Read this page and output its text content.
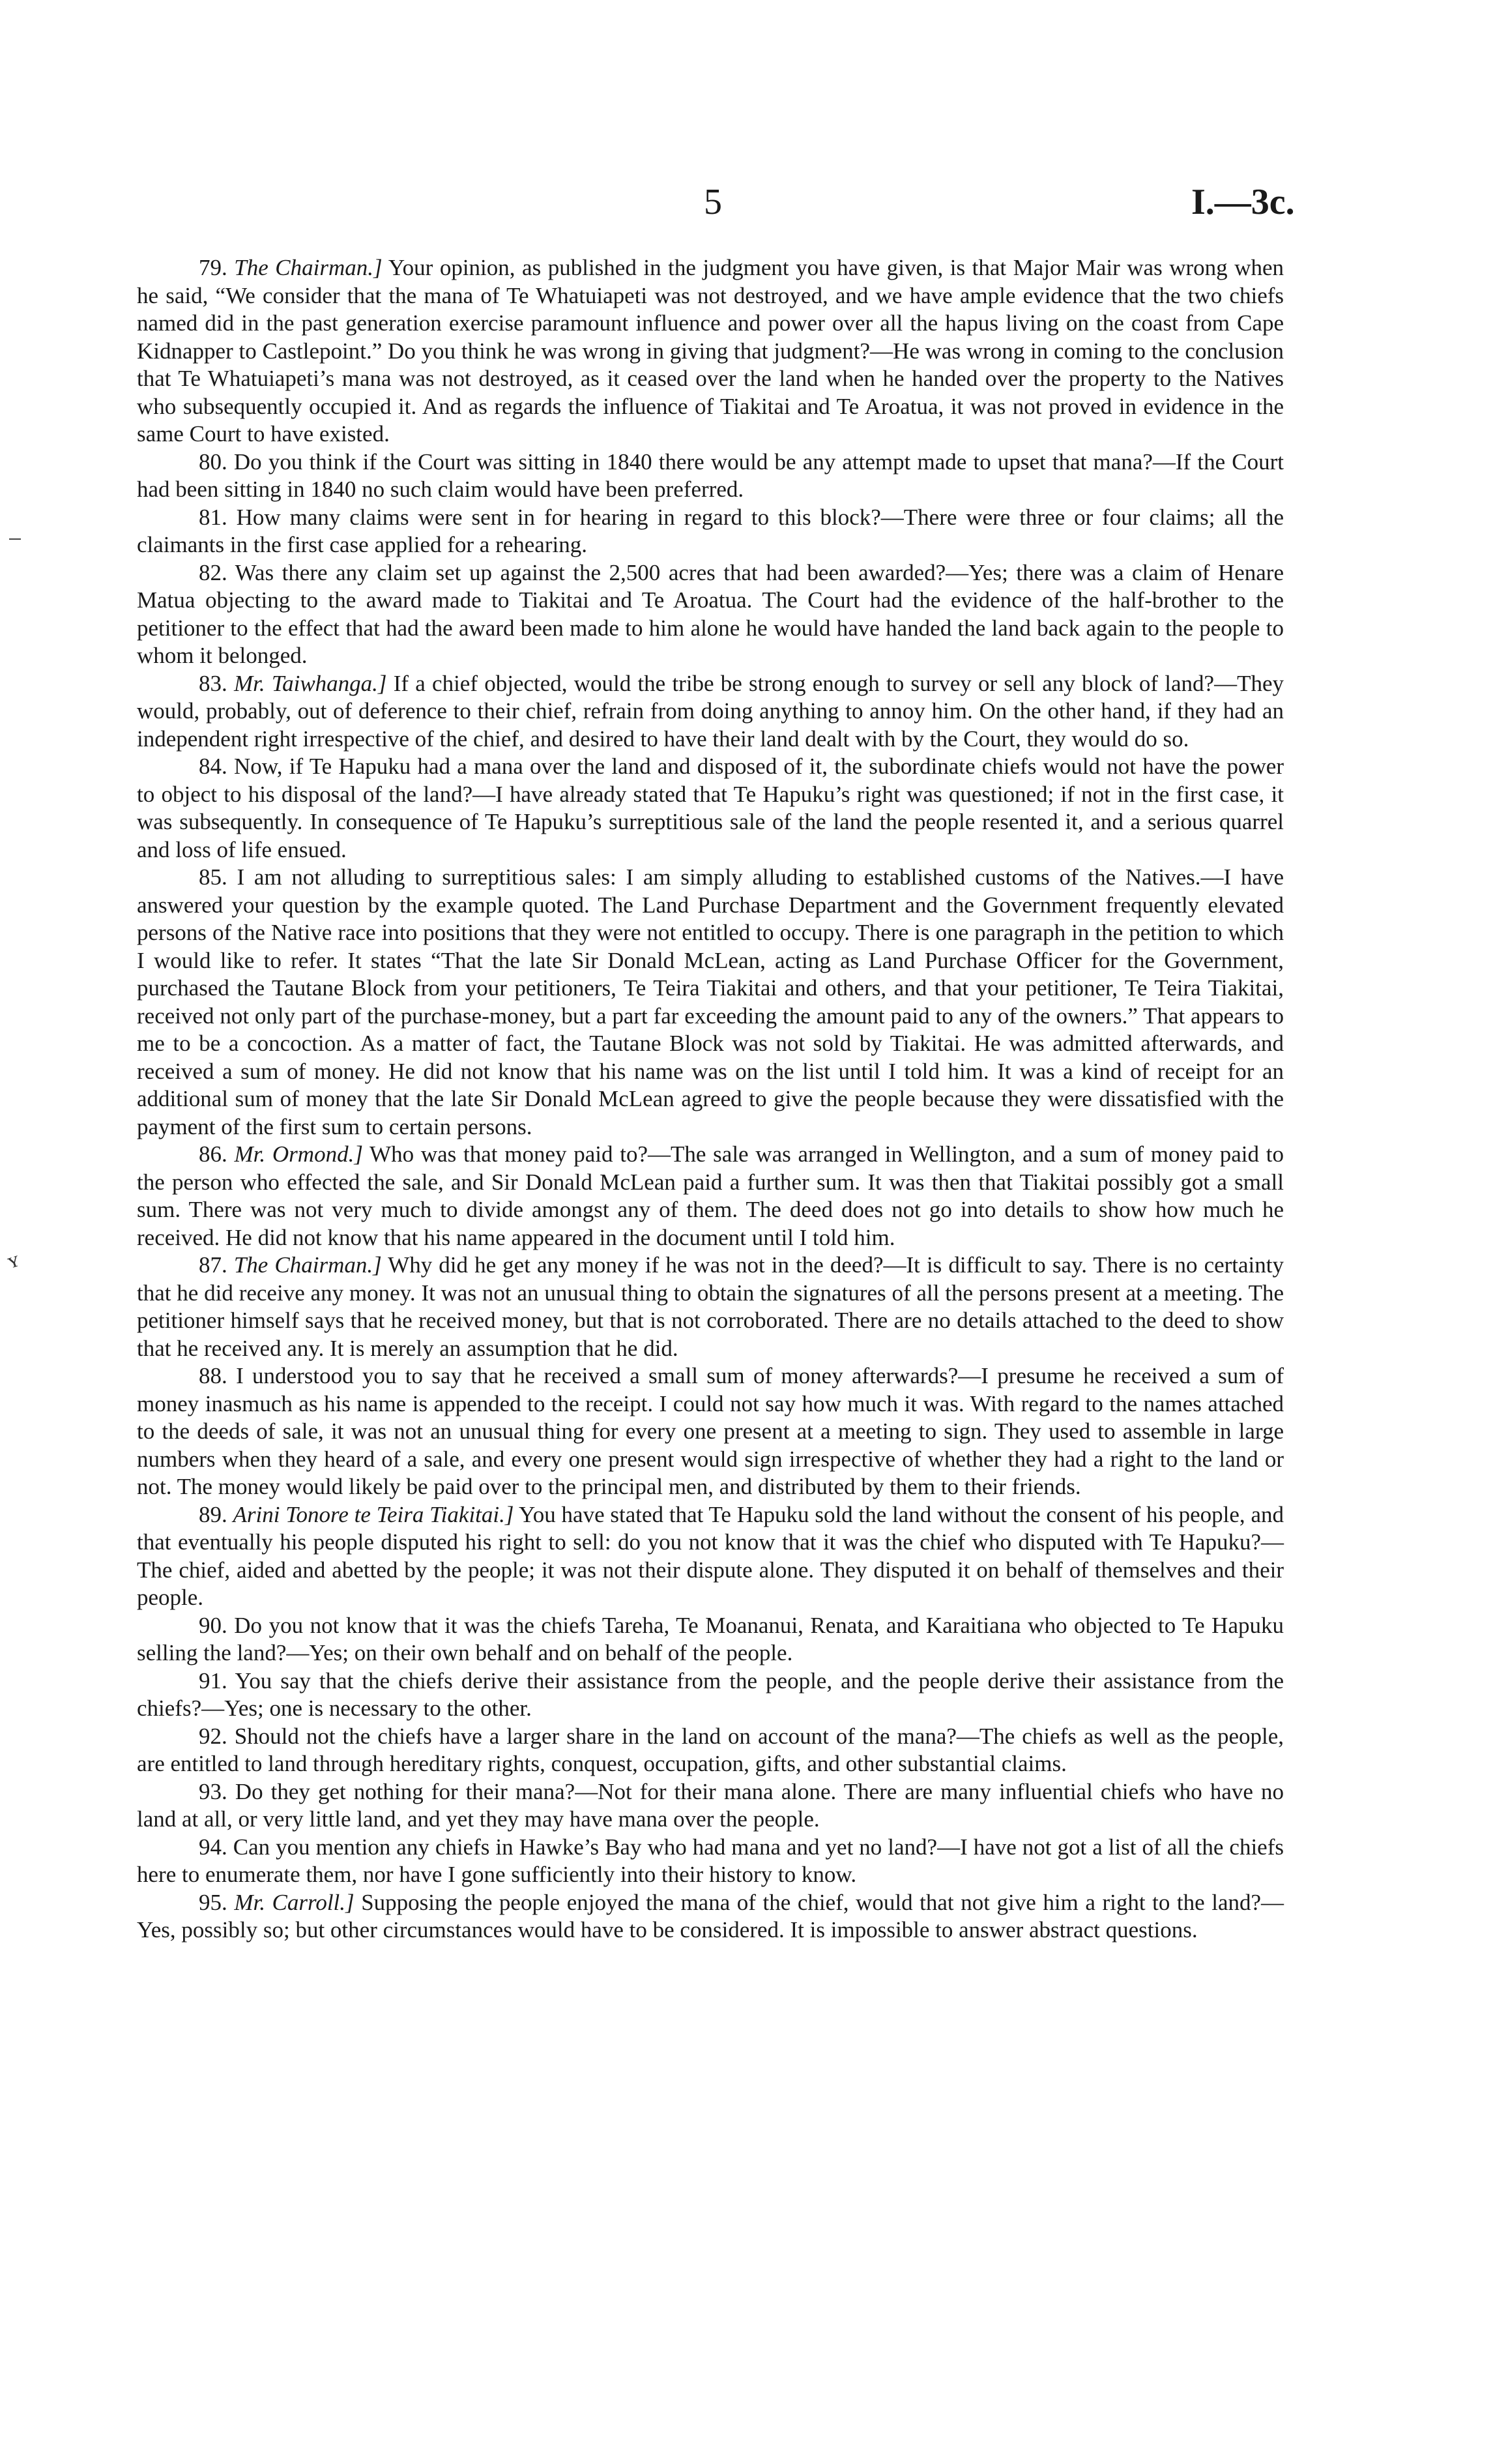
5	I.—3c.
ʏ

79. The Chairman.] Your opinion, as published in the judgment you have given, is that Major Mair was wrong when he said, “We consider that the mana of Te Whatuiapeti was not destroyed, and we have ample evidence that the two chiefs named did in the past generation exercise paramount influence and power over all the hapus living on the coast from Cape Kidnapper to Castlepoint.” Do you think he was wrong in giving that judgment?—He was wrong in coming to the conclusion that Te Whatuiapeti’s mana was not destroyed, as it ceased over the land when he handed over the property to the Natives who subsequently occupied it. And as regards the influence of Tiakitai and Te Aroatua, it was not proved in evidence in the same Court to have existed.

80. Do you think if the Court was sitting in 1840 there would be any attempt made to upset that mana?—If the Court had been sitting in 1840 no such claim would have been preferred.

81. How many claims were sent in for hearing in regard to this block?—There were three or four claims; all the claimants in the first case applied for a rehearing.

82. Was there any claim set up against the 2,500 acres that had been awarded?—Yes; there was a claim of Henare Matua objecting to the award made to Tiakitai and Te Aroatua. The Court had the evidence of the half-brother to the petitioner to the effect that had the award been made to him alone he would have handed the land back again to the people to whom it belonged.

83. Mr. Taiwhanga.] If a chief objected, would the tribe be strong enough to survey or sell any block of land?—They would, probably, out of deference to their chief, refrain from doing anything to annoy him. On the other hand, if they had an independent right irrespective of the chief, and desired to have their land dealt with by the Court, they would do so.

84. Now, if Te Hapuku had a mana over the land and disposed of it, the subordinate chiefs would not have the power to object to his disposal of the land?—I have already stated that Te Hapuku’s right was questioned; if not in the first case, it was subsequently. In consequence of Te Hapuku’s surreptitious sale of the land the people resented it, and a serious quarrel and loss of life ensued.

85. I am not alluding to surreptitious sales: I am simply alluding to established customs of the Natives.—I have answered your question by the example quoted. The Land Purchase Department and the Government frequently elevated persons of the Native race into positions that they were not entitled to occupy. There is one paragraph in the petition to which I would like to refer. It states “That the late Sir Donald McLean, acting as Land Purchase Officer for the Government, purchased the Tautane Block from your petitioners, Te Teira Tiakitai and others, and that your petitioner, Te Teira Tiakitai, received not only part of the purchase-money, but a part far exceeding the amount paid to any of the owners.” That appears to me to be a concoction. As a matter of fact, the Tautane Block was not sold by Tiakitai. He was admitted afterwards, and received a sum of money. He did not know that his name was on the list until I told him. It was a kind of receipt for an additional sum of money that the late Sir Donald McLean agreed to give the people because they were dissatisfied with the payment of the first sum to certain persons.

86. Mr. Ormond.] Who was that money paid to?—The sale was arranged in Wellington, and a sum of money paid to the person who effected the sale, and Sir Donald McLean paid a further sum. It was then that Tiakitai possibly got a small sum. There was not very much to divide amongst any of them. The deed does not go into details to show how much he received. He did not know that his name appeared in the document until I told him.

87. The Chairman.] Why did he get any money if he was not in the deed?—It is difficult to say. There is no certainty that he did receive any money. It was not an unusual thing to obtain the signatures of all the persons present at a meeting. The petitioner himself says that he received money, but that is not corroborated. There are no details attached to the deed to show that he received any. It is merely an assumption that he did.

88. I understood you to say that he received a small sum of money afterwards?—I presume he received a sum of money inasmuch as his name is appended to the receipt. I could not say how much it was. With regard to the names attached to the deeds of sale, it was not an unusual thing for every one present at a meeting to sign. They used to assemble in large numbers when they heard of a sale, and every one present would sign irrespective of whether they had a right to the land or not. The money would likely be paid over to the principal men, and distributed by them to their friends.

89. Arini Tonore te Teira Tiakitai.] You have stated that Te Hapuku sold the land without the consent of his people, and that eventually his people disputed his right to sell: do you not know that it was the chief who disputed with Te Hapuku?—The chief, aided and abetted by the people; it was not their dispute alone. They disputed it on behalf of themselves and their people.

90. Do you not know that it was the chiefs Tareha, Te Moananui, Renata, and Karaitiana who objected to Te Hapuku selling the land?—Yes; on their own behalf and on behalf of the people.

91. You say that the chiefs derive their assistance from the people, and the people derive their assistance from the chiefs?—Yes; one is necessary to the other.

92. Should not the chiefs have a larger share in the land on account of the mana?—The chiefs as well as the people, are entitled to land through hereditary rights, conquest, occupation, gifts, and other substantial claims.

93. Do they get nothing for their mana?—Not for their mana alone. There are many influential chiefs who have no land at all, or very little land, and yet they may have mana over the people.

94. Can you mention any chiefs in Hawke’s Bay who had mana and yet no land?—I have not got a list of all the chiefs here to enumerate them, nor have I gone sufficiently into their history to know.

95. Mr. Carroll.] Supposing the people enjoyed the mana of the chief, would that not give him a right to the land?—Yes, possibly so; but other circumstances would have to be considered. It is impossible to answer abstract questions.
